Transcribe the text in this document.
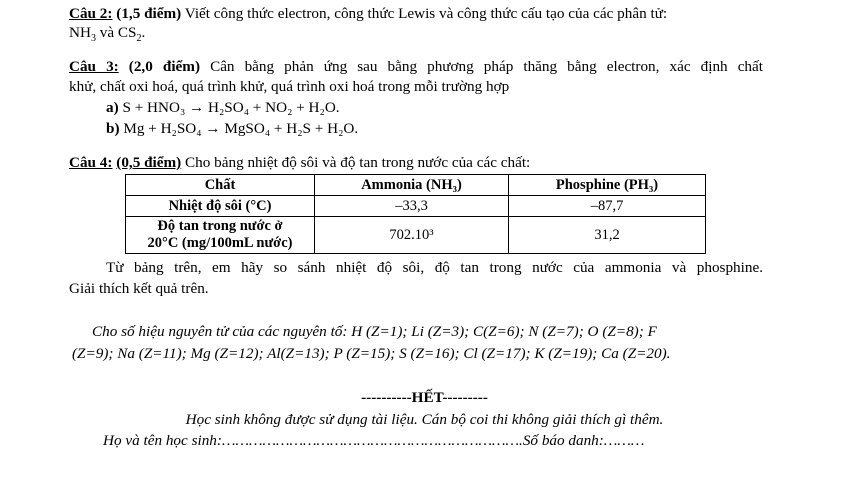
Câu 2: (1,5 điểm) Viết công thức electron, công thức Lewis và công thức cấu tạo của các phân tử:
$NH_3$ và $CS_2$.
Câu 3: (2,0 điểm) Cân bằng phản ứng sau bằng phương pháp thăng bằng electron, xác định chất
khử, chất oxi hoá, quá trình khử, quá trình oxi hoá trong mỗi trường hợp
a) S + HNO₃ → H₂SO₄ + NO₂ + H₂O.
b) Mg + H₂SO₄ → MgSO₄ + H₂S + H₂O.
Câu 4: (0,5 điểm) Cho bảng nhiệt độ sôi và độ tan trong nước của các chất:
Chất	Ammonia (NH₃)	Phosphine (PH₃)
Nhiệt độ sôi (°C)	–33,3	–87,7

Độ tan trong nước ở
20°C (mg/100mL nước)	702.10³	31,2
Từ bảng trên, em hãy so sánh nhiệt độ sôi, độ tan trong nước của ammonia và phosphine.
Giải thích kết quả trên.
Cho số hiệu nguyên tử của các nguyên tố: H (Z=1); Li (Z=3); C(Z=6); N (Z=7); O (Z=8); F
(Z=9); Na (Z=11); Mg (Z=12); Al(Z=13); P (Z=15); S (Z=16); Cl (Z=17); K (Z=19); Ca (Z=20).
----------HẾT---------
Học sinh không được sử dụng tài liệu. Cán bộ coi thi không giải thích gì thêm.
Họ và tên học sinh:………………………………………………………….Số báo danh:………
